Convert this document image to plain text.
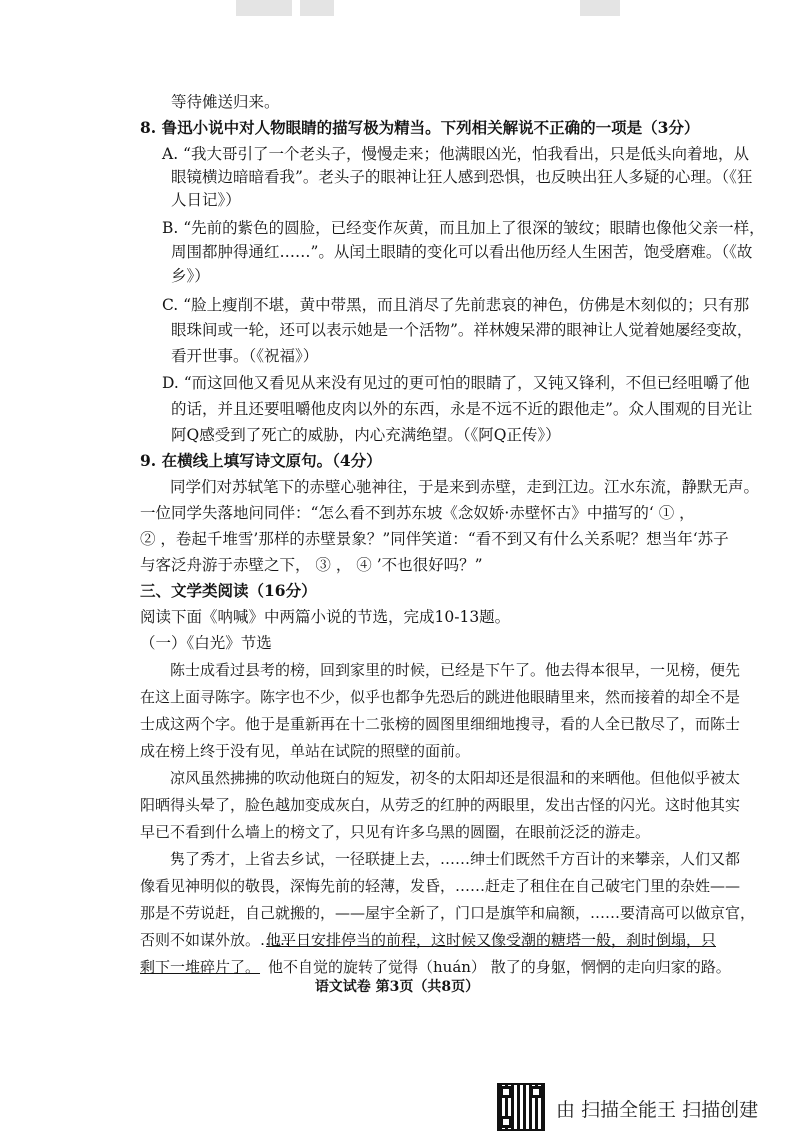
等待傩送归来。
8. 鲁迅小说中对人物眼睛的描写极为精当。下列相关解说不正确的一项是（3分）
A. “我大哥引了一个老头子，慢慢走来；他满眼凶光，怕我看出，只是低头向着地，从
眼镜横边暗暗看我”。老头子的眼神让狂人感到恐惧，也反映出狂人多疑的心理。（《狂
人日记》）
B. “先前的紫色的圆脸，已经变作灰黄，而且加上了很深的皱纹；眼睛也像他父亲一样，
周围都肿得通红……”。从闰土眼睛的变化可以看出他历经人生困苦，饱受磨难。（《故
乡》）
C. “脸上瘦削不堪，黄中带黑，而且消尽了先前悲哀的神色，仿佛是木刻似的；只有那
眼珠间或一轮，还可以表示她是一个活物”。祥林嫂呆滞的眼神让人觉着她屡经变故，
看开世事。（《祝福》）
D. “而这回他又看见从来没有见过的更可怕的眼睛了，又钝又锋利，不但已经咀嚼了他
的话，并且还要咀嚼他皮肉以外的东西，永是不远不近的跟他走”。众人围观的目光让
阿Q感受到了死亡的威胁，内心充满绝望。（《阿Q正传》）
9. 在横线上填写诗文原句。（4分）
同学们对苏轼笔下的赤壁心驰神往，于是来到赤壁，走到江边。江水东流，静默无声。
一位同学失落地问同伴：“怎么看不到苏东坡《念奴娇·赤壁怀古》中描写的‘ ① ，
② ，卷起千堆雪’那样的赤壁景象？”同伴笑道：“看不到又有什么关系呢？想当年‘苏子
与客泛舟游于赤壁之下， ③ ， ④ ’不也很好吗？”
三、文学类阅读（16分）
阅读下面《呐喊》中两篇小说的节选，完成10-13题。
（一）《白光》节选
陈士成看过县考的榜，回到家里的时候，已经是下午了。他去得本很早，一见榜，便先
在这上面寻陈字。陈字也不少，似乎也都争先恐后的跳进他眼睛里来，然而接着的却全不是
士成这两个字。他于是重新再在十二张榜的圆图里细细地搜寻，看的人全已散尽了，而陈士
成在榜上终于没有见，单站在试院的照壁的面前。
凉风虽然拂拂的吹动他斑白的短发，初冬的太阳却还是很温和的来晒他。但他似乎被太
阳晒得头晕了，脸色越加变成灰白，从劳乏的红肿的两眼里，发出古怪的闪光。这时他其实
早已不看到什么墙上的榜文了，只见有许多乌黑的圆圈，在眼前泛泛的游走。
隽了秀才，上省去乡试，一径联捷上去，……绅士们既然千方百计的来攀亲，人们又都
像看见神明似的敬畏，深悔先前的轻薄，发昏，……赶走了租住在自己破宅门里的杂姓——
那是不劳说赶，自己就搬的，——屋宇全新了，门口是旗竿和扁额，……要清高可以做京官，
否则不如谋外放。……
他平日安排停当的前程，这时候又像受潮的糖塔一般，刹时倒塌，只
剩下一堆碎片了。 他不自觉的旋转了觉得（huán） 散了的身躯，惘惘的走向归家的路。
语文试卷 第3页（共8页）
由 扫描全能王 扫描创建
